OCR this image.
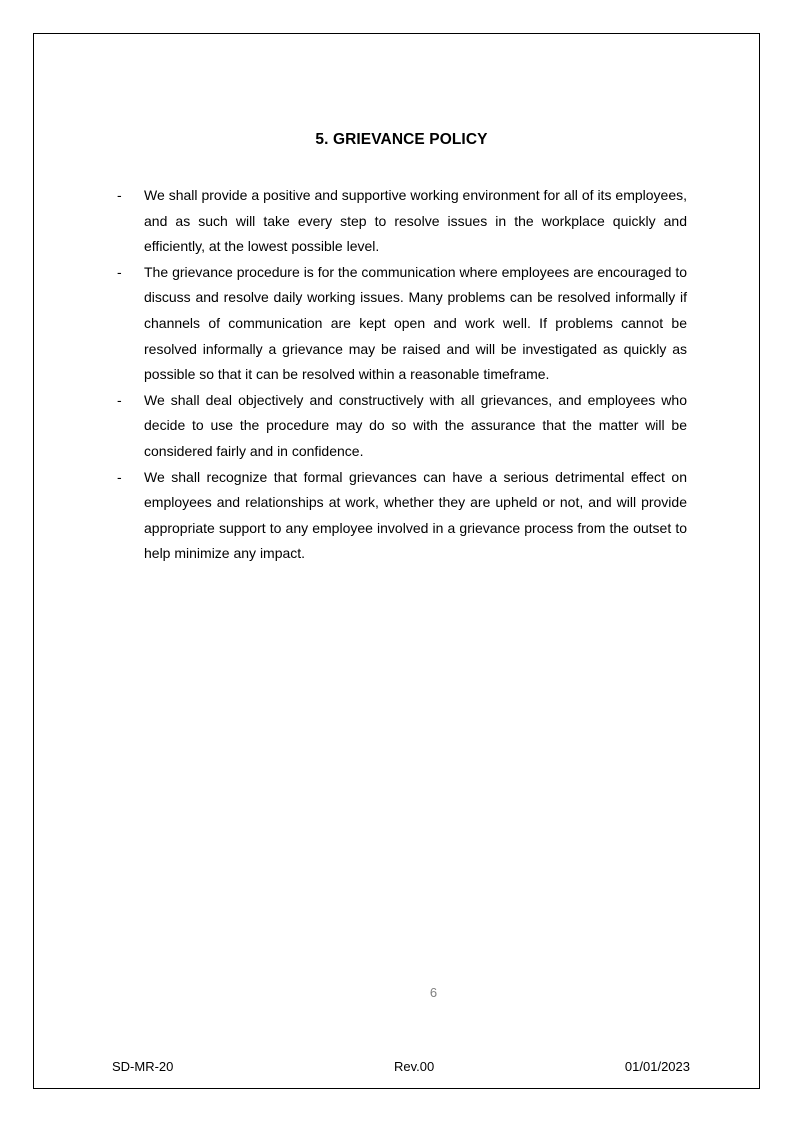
5. GRIEVANCE POLICY
-	We shall provide a positive and supportive working environment for all of its employees, and as such will take every step to resolve issues in the workplace quickly and efficiently, at the lowest possible level.
-	The grievance procedure is for the communication where employees are encouraged to discuss and resolve daily working issues. Many problems can be resolved informally if channels of communication are kept open and work well. If problems cannot be resolved informally a grievance may be raised and will be investigated as quickly as possible so that it can be resolved within a reasonable timeframe.
-	We shall deal objectively and constructively with all grievances, and employees who decide to use the procedure may do so with the assurance that the matter will be considered fairly and in confidence.
-	We shall recognize that formal grievances can have a serious detrimental effect on employees and relationships at work, whether they are upheld or not, and will provide appropriate support to any employee involved in a grievance process from the outset to help minimize any impact.
6
SD-MR-20	Rev.00	01/01/2023
